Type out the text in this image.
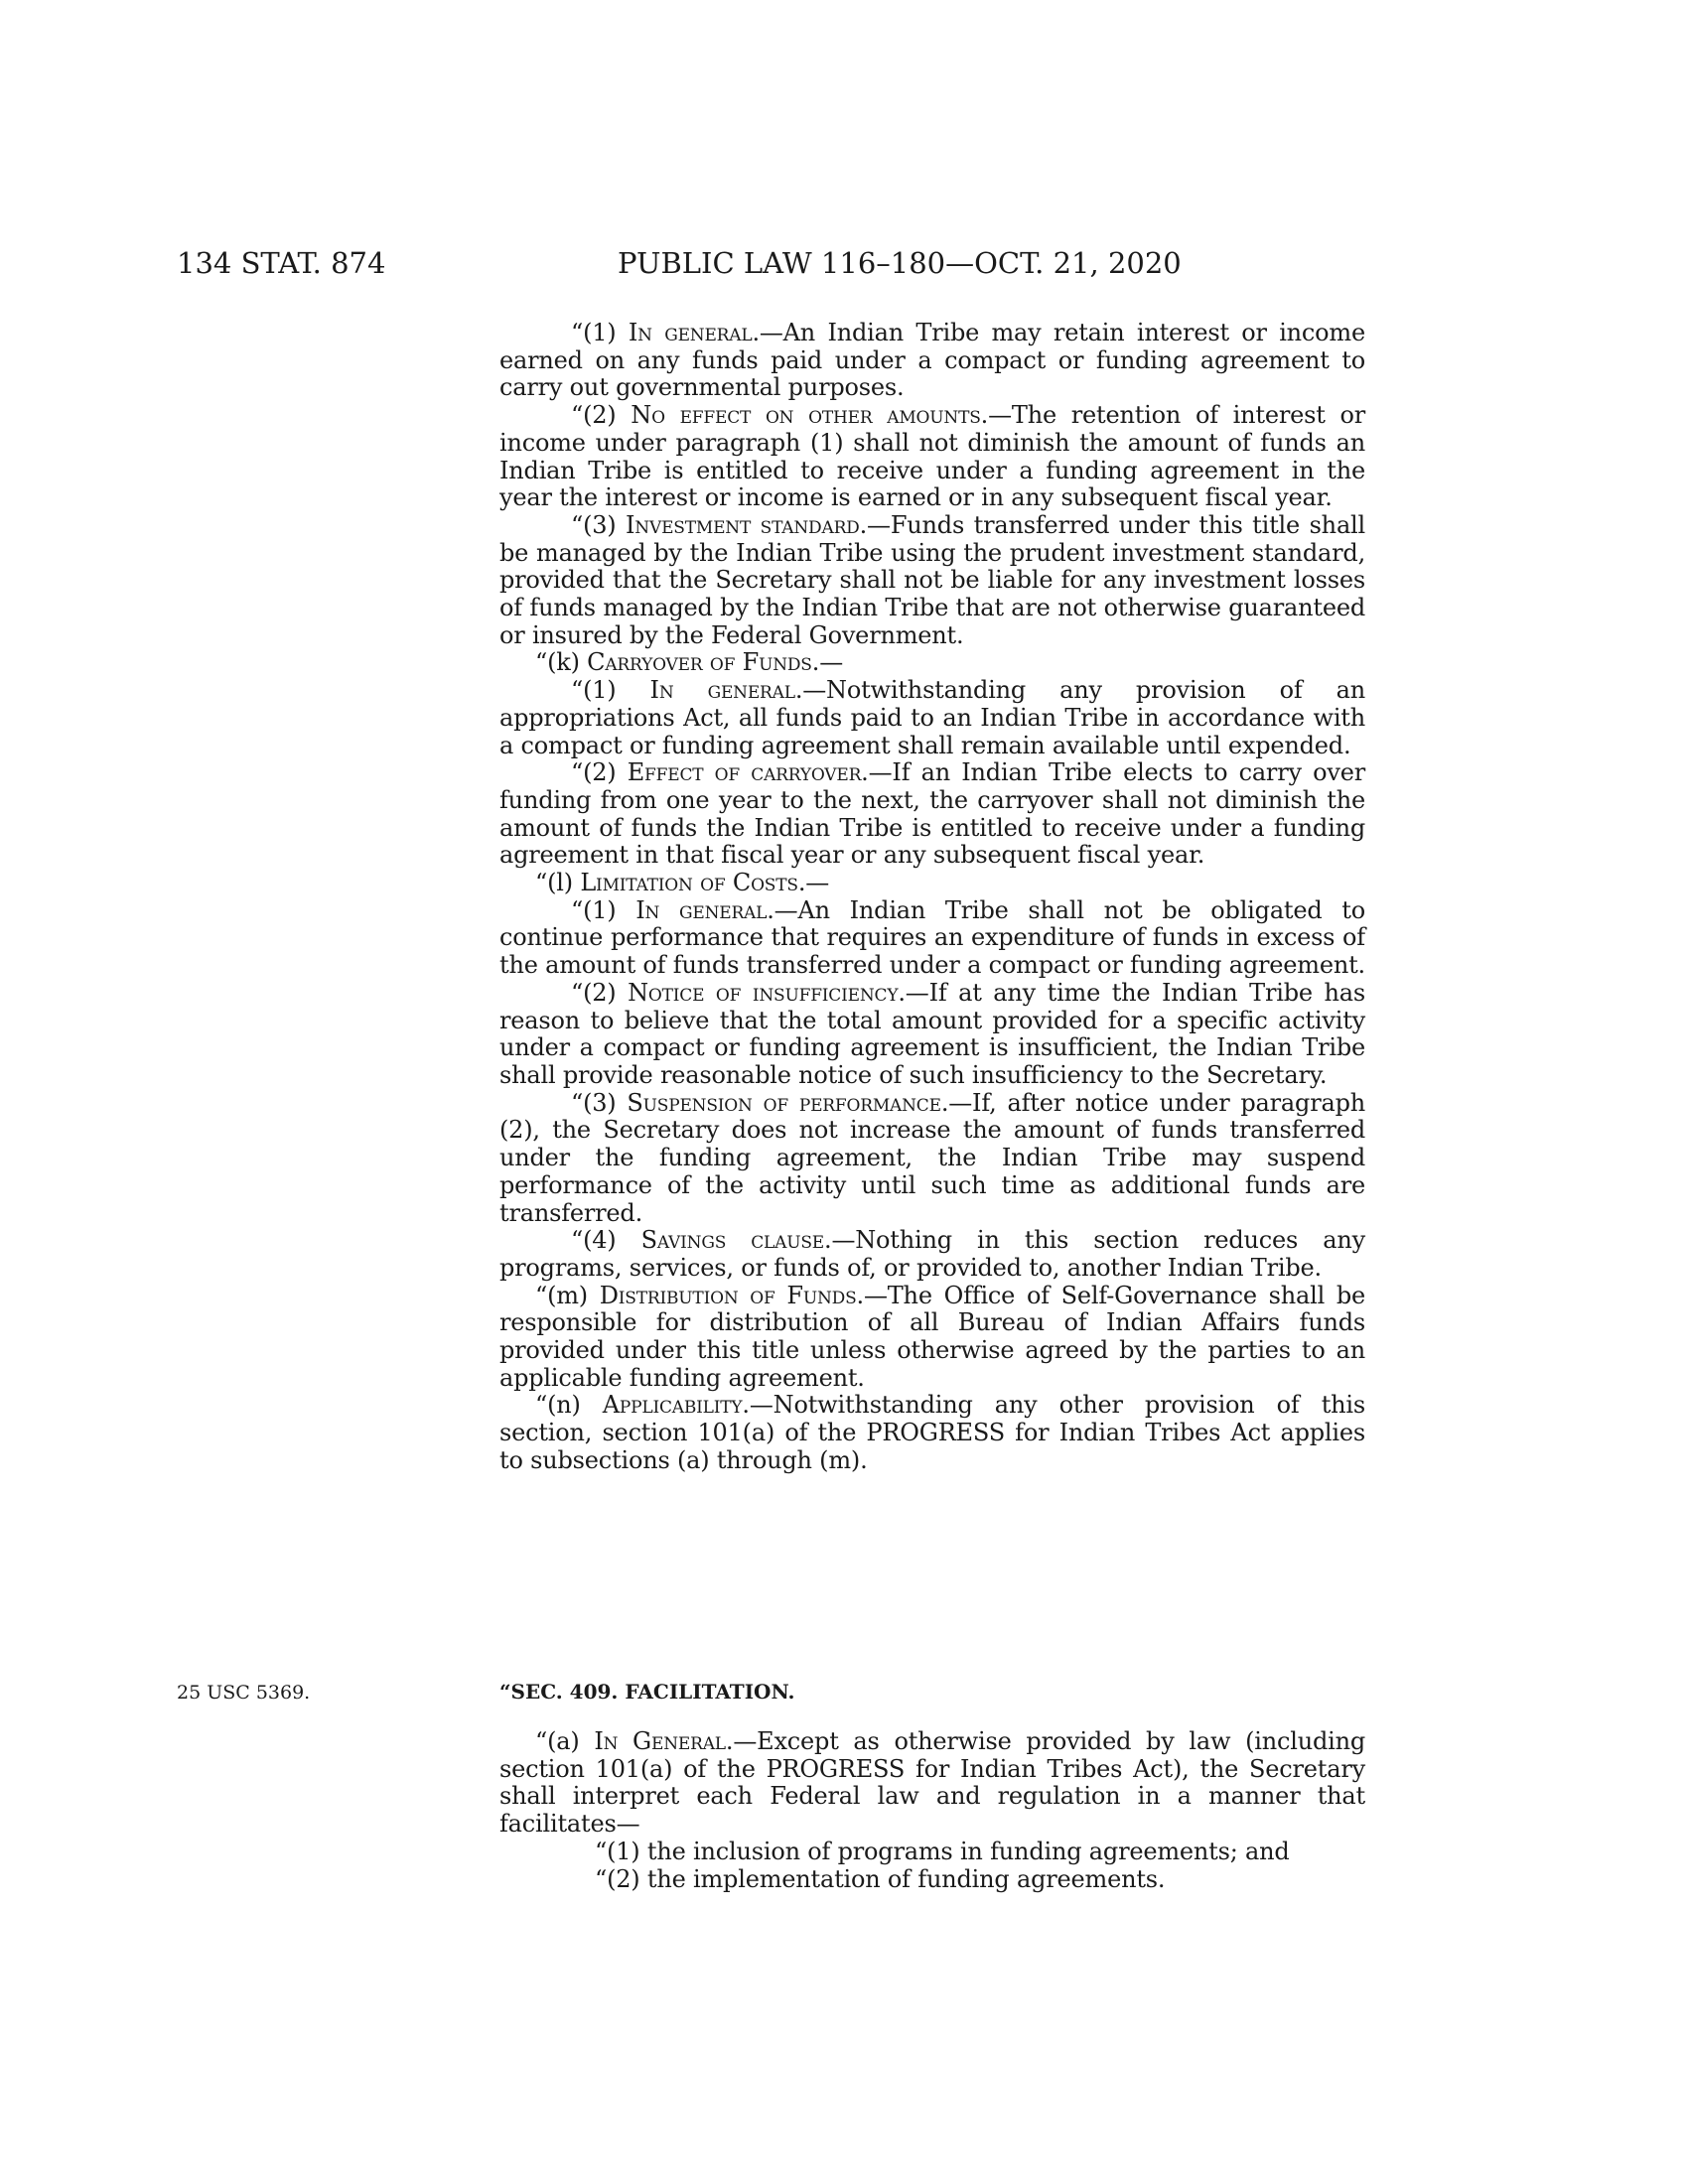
134 STAT. 874	PUBLIC LAW 116–180—OCT. 21, 2020

“(1) In general.—An Indian Tribe may retain interest or income earned on any funds paid under a compact or funding agreement to carry out governmental purposes.

“(2) No effect on other amounts.—The retention of interest or income under paragraph (1) shall not diminish the amount of funds an Indian Tribe is entitled to receive under a funding agreement in the year the interest or income is earned or in any subsequent fiscal year.

“(3) Investment standard.—Funds transferred under this title shall be managed by the Indian Tribe using the prudent investment standard, provided that the Secretary shall not be liable for any investment losses of funds managed by the Indian Tribe that are not otherwise guaranteed or insured by the Federal Government.

“(k) Carryover of Funds.—

“(1) In general.—Notwithstanding any provision of an appropriations Act, all funds paid to an Indian Tribe in accordance with a compact or funding agreement shall remain available until expended.

“(2) Effect of carryover.—If an Indian Tribe elects to carry over funding from one year to the next, the carryover shall not diminish the amount of funds the Indian Tribe is entitled to receive under a funding agreement in that fiscal year or any subsequent fiscal year.

“(l) Limitation of Costs.—

“(1) In general.—An Indian Tribe shall not be obligated to continue performance that requires an expenditure of funds in excess of the amount of funds transferred under a compact or funding agreement.

“(2) Notice of insufficiency.—If at any time the Indian Tribe has reason to believe that the total amount provided for a specific activity under a compact or funding agreement is insufficient, the Indian Tribe shall provide reasonable notice of such insufficiency to the Secretary.

“(3) Suspension of performance.—If, after notice under paragraph (2), the Secretary does not increase the amount of funds transferred under the funding agreement, the Indian Tribe may suspend performance of the activity until such time as additional funds are transferred.

“(4) Savings clause.—Nothing in this section reduces any programs, services, or funds of, or provided to, another Indian Tribe.

“(m) Distribution of Funds.—The Office of Self-Governance shall be responsible for distribution of all Bureau of Indian Affairs funds provided under this title unless otherwise agreed by the parties to an applicable funding agreement.

“(n) Applicability.—Notwithstanding any other provision of this section, section 101(a) of the PROGRESS for Indian Tribes Act applies to subsections (a) through (m).

25 USC 5369.	“SEC. 409. FACILITATION.

“(a) In General.—Except as otherwise provided by law (including section 101(a) of the PROGRESS for Indian Tribes Act), the Secretary shall interpret each Federal law and regulation in a manner that facilitates—

“(1) the inclusion of programs in funding agreements; and

“(2) the implementation of funding agreements.
